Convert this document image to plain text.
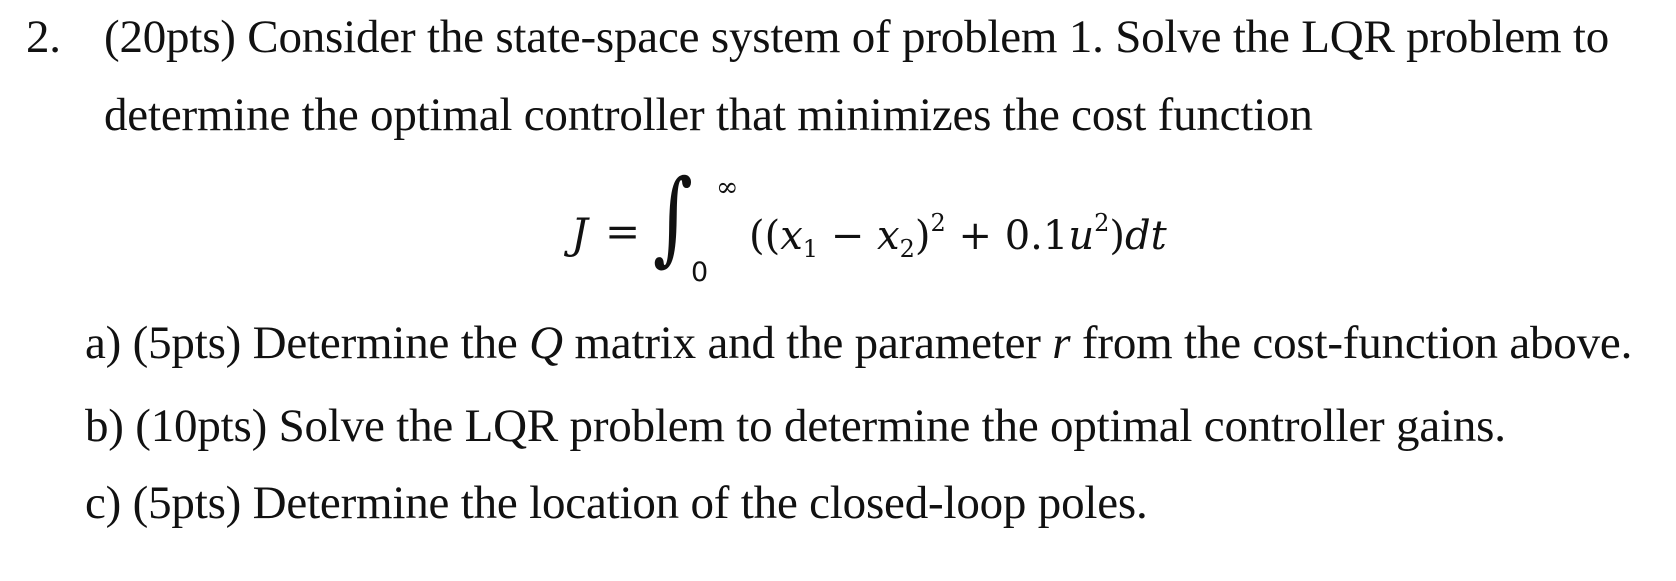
2. (20pts) Consider the state-space system of problem 1. Solve the LQR problem to
determine the optimal controller that minimizes the cost function
J = ∫ ∞
0
$((x_1 - x_2)^2 + 0.1u^2)dt$
a) (5pts) Determine the Q matrix and the parameter r from the cost-function above.
b) (10pts) Solve the LQR problem to determine the optimal controller gains.
c) (5pts) Determine the location of the closed-loop poles.
